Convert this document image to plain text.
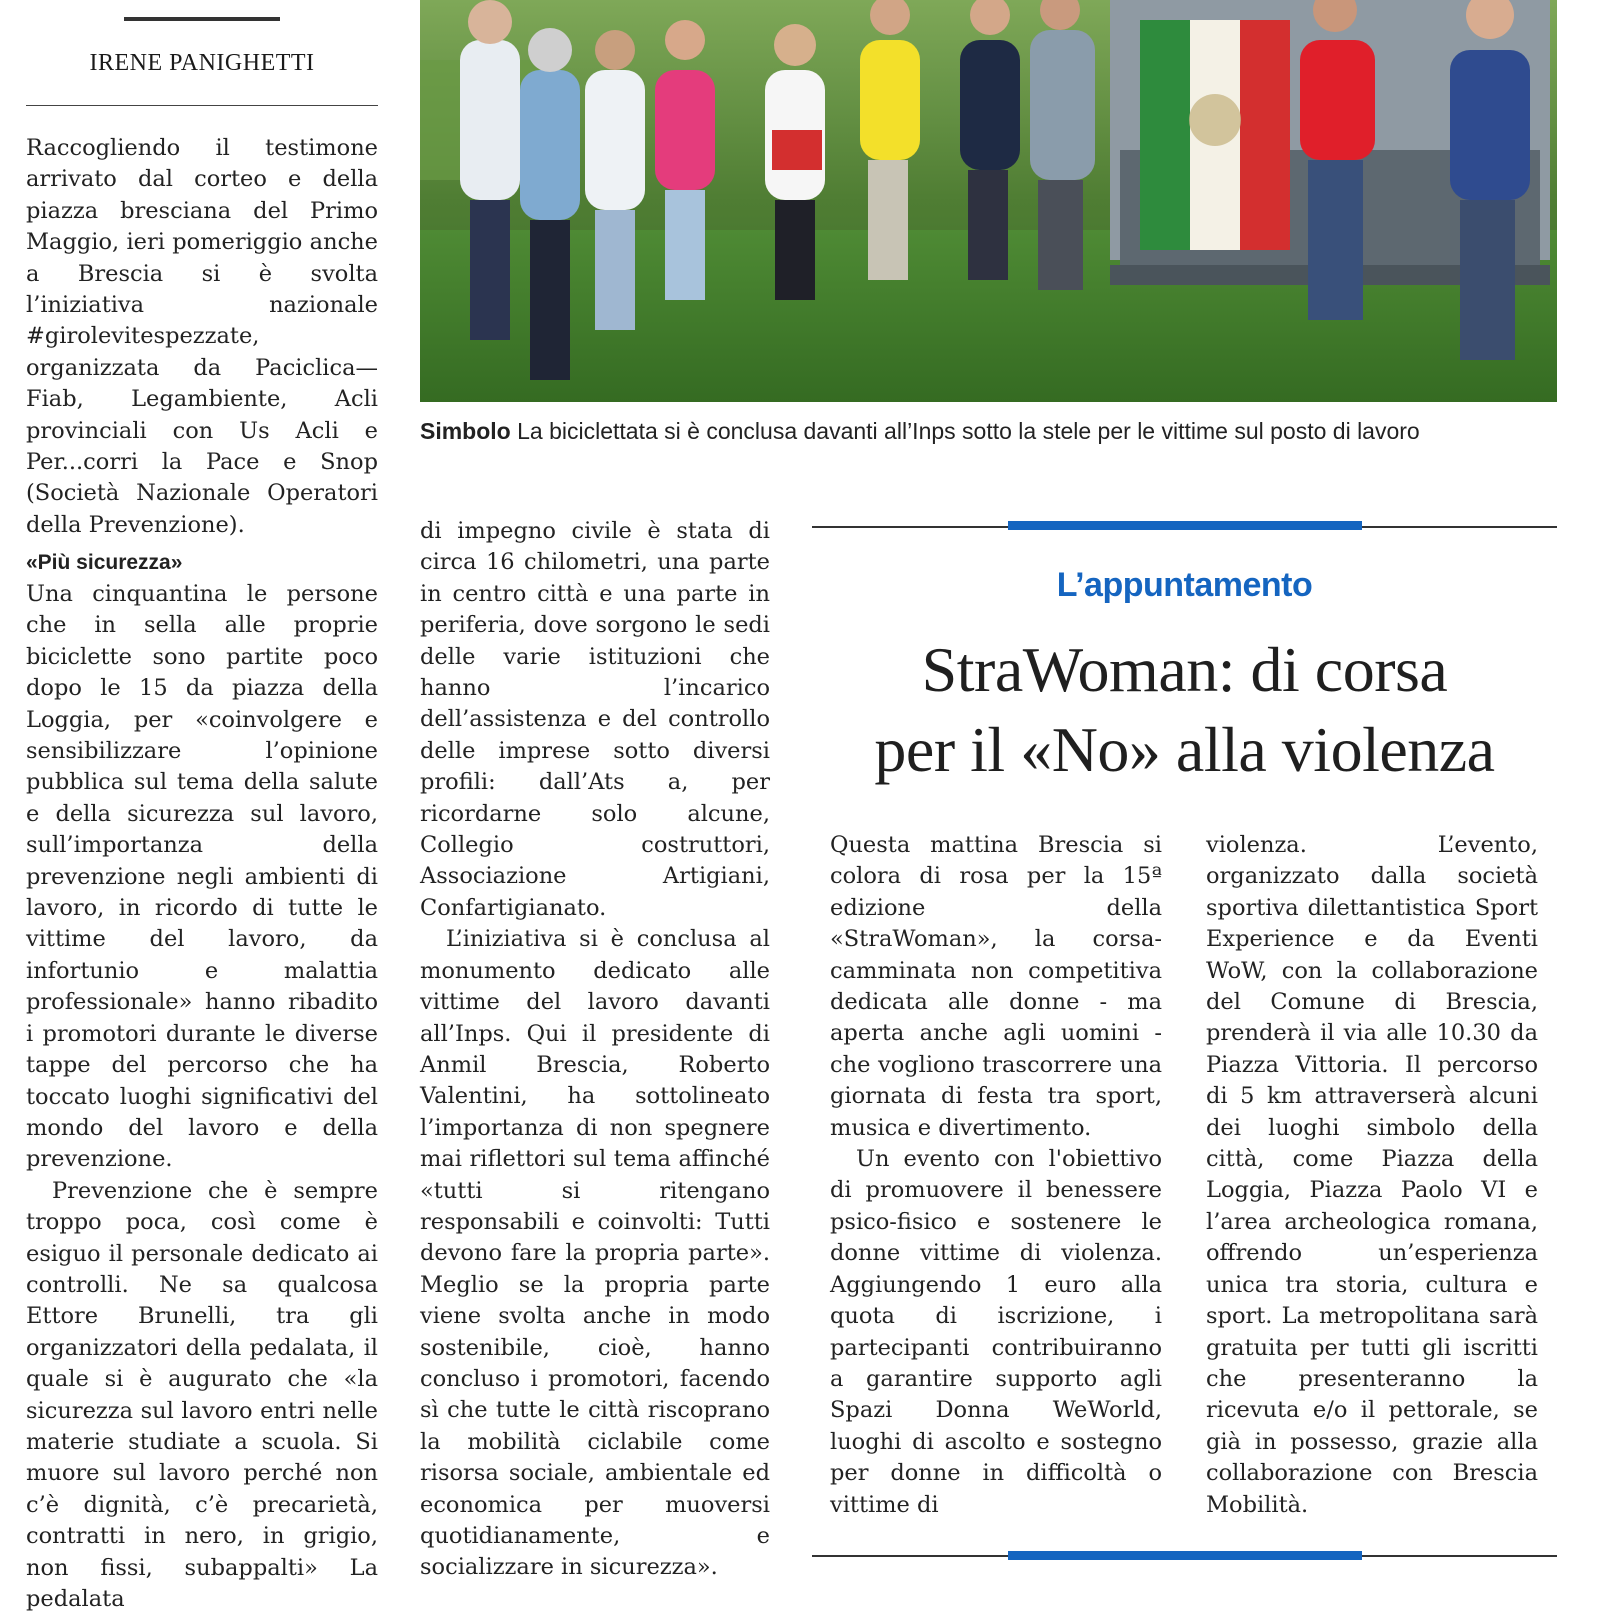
IRENE PANIGHETTI

Raccogliendo il testimone arrivato dal corteo e della piazza bresciana del Primo Maggio, ieri pomeriggio anche a Brescia si è svolta l’iniziativa nazionale #girolevitespezzate, organizzata da Paciclica—Fiab, Legambiente, Acli provinciali con Us Acli e Per...corri la Pace e Snop (Società Nazionale Operatori della Prevenzione).

«Più sicurezza»

Una cinquantina le persone che in sella alle proprie biciclette sono partite poco dopo le 15 da piazza della Loggia, per «coinvolgere e sensibilizzare l’opinione pubblica sul tema della salute e della sicurezza sul lavoro, sull’importanza della prevenzione negli ambienti di lavoro, in ricordo di tutte le vittime del lavoro, da infortunio e malattia professionale» hanno ribadito i promotori durante le diverse tappe del percorso che ha toccato luoghi significativi del mondo del lavoro e della prevenzione.

Prevenzione che è sempre troppo poca, così come è esiguo il personale dedicato ai controlli. Ne sa qualcosa Ettore Brunelli, tra gli organizzatori della pedalata, il quale si è augurato che «la sicurezza sul lavoro entri nelle materie studiate a scuola. Si muore sul lavoro perché non c’è dignità, c’è precarietà, contratti in nero, in grigio, non fissi, subappalti» La pedalata

Simbolo La biciclettata si è conclusa davanti all’Inps sotto la stele per le vittime sul posto di lavoro

di impegno civile è stata di circa 16 chilometri, una parte in centro città e una parte in periferia, dove sorgono le sedi delle varie istituzioni che hanno l’incarico dell’assistenza e del controllo delle imprese sotto diversi profili: dall’Ats a, per ricordarne solo alcune, Collegio costruttori, Associazione Artigiani, Confartigianato.

L’iniziativa si è conclusa al monumento dedicato alle vittime del lavoro davanti all’Inps. Qui il presidente di Anmil Brescia, Roberto Valentini, ha sottolineato l’importanza di non spegnere mai riflettori sul tema affinché «tutti si ritengano responsabili e coinvolti: Tutti devono fare la propria parte». Meglio se la propria parte viene svolta anche in modo sostenibile, cioè, hanno concluso i promotori, facendo sì che tutte le città riscoprano la mobilità ciclabile come risorsa sociale, ambientale ed economica per muoversi quotidianamente, e socializzare in sicurezza».

L’appuntamento
StraWoman: di corsa
per il «No» alla violenza

Questa mattina Brescia si colora di rosa per la 15ª edizione della «StraWoman», la corsa-camminata non competitiva dedicata alle donne - ma aperta anche agli uomini - che vogliono trascorrere una giornata di festa tra sport, musica e divertimento.

Un evento con l'obiettivo di promuovere il benessere psico-fisico e sostenere le donne vittime di violenza. Aggiungendo 1 euro alla quota di iscrizione, i partecipanti contribuiranno a garantire supporto agli Spazi Donna WeWorld, luoghi di ascolto e sostegno per donne in difficoltà o vittime di

violenza. L’evento, organizzato dalla società sportiva dilettantistica Sport Experience e da Eventi WoW, con la collaborazione del Comune di Brescia, prenderà il via alle 10.30 da Piazza Vittoria. Il percorso di 5 km attraverserà alcuni dei luoghi simbolo della città, come Piazza della Loggia, Piazza Paolo VI e l’area archeologica romana, offrendo un’esperienza unica tra storia, cultura e sport. La metropolitana sarà gratuita per tutti gli iscritti che presenteranno la ricevuta e/o il pettorale, se già in possesso, grazie alla collaborazione con Brescia Mobilità.
